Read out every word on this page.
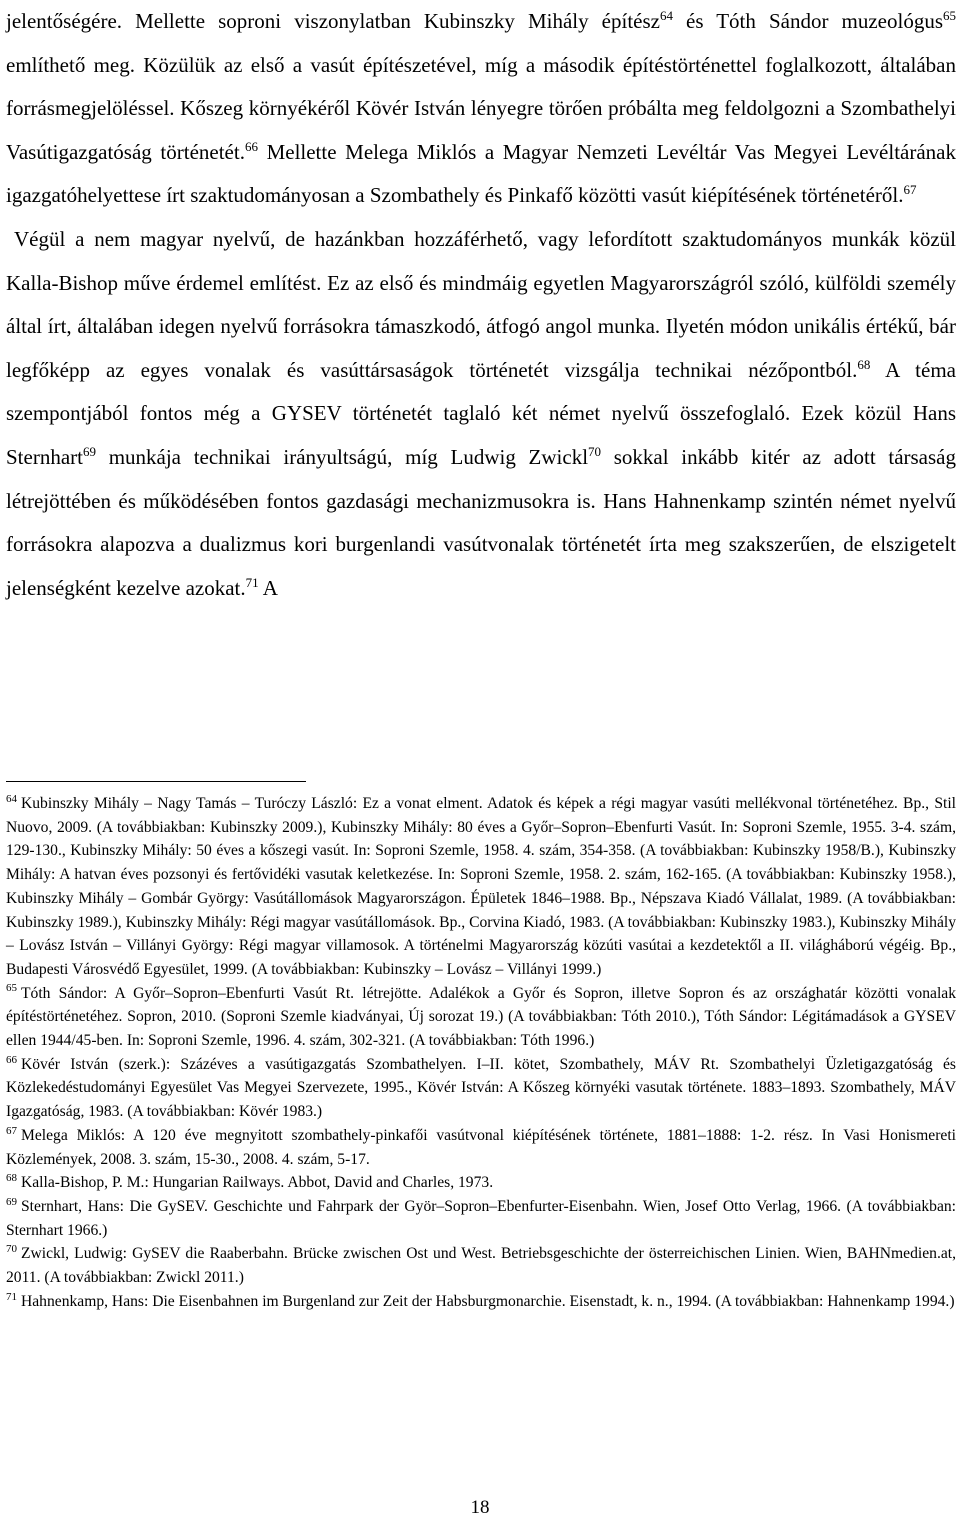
jelentőségére. Mellette soproni viszonylatban Kubinszky Mihály építész$^{64}$ és Tóth Sándor muzeológus$^{65}$ említhető meg. Közülük az első a vasút építészetével, míg a második építéstörténettel foglalkozott, általában forrásmegjelöléssel. Kőszeg környékéről Kövér István lényegre törően próbálta meg feldolgozni a Szombathelyi Vasútigazgatóság történetét.$^{66}$ Mellette Melega Miklós a Magyar Nemzeti Levéltár Vas Megyei Levéltárának igazgatóhelyettese írt szaktudományosan a Szombathely és Pinkafő közötti vasút kiépítésének történetéről.$^{67}$

Végül a nem magyar nyelvű, de hazánkban hozzáférhető, vagy lefordított szaktudományos munkák közül Kalla-Bishop műve érdemel említést. Ez az első és mindmáig egyetlen Magyarországról szóló, külföldi személy által írt, általában idegen nyelvű forrásokra támaszkodó, átfogó angol munka. Ilyetén módon unikális értékű, bár legfőképp az egyes vonalak és vasúttársaságok történetét vizsgálja technikai nézőpontból.$^{68}$ A téma szempontjából fontos még a GYSEV történetét taglaló két német nyelvű összefoglaló. Ezek közül Hans Sternhart$^{69}$ munkája technikai irányultságú, míg Ludwig Zwickl$^{70}$ sokkal inkább kitér az adott társaság létrejöttében és működésében fontos gazdasági mechanizmusokra is. Hans Hahnenkamp szintén német nyelvű forrásokra alapozva a dualizmus kori burgenlandi vasútvonalak történetét írta meg szakszerűen, de elszigetelt jelenségként kezelve azokat.$^{71}$ A

$^{64}$ Kubinszky Mihály – Nagy Tamás – Turóczy László: Ez a vonat elment. Adatok és képek a régi magyar vasúti mellékvonal történetéhez. Bp., Stil Nuovo, 2009. (A továbbiakban: Kubinszky 2009.), Kubinszky Mihály: 80 éves a Győr–Sopron–Ebenfurti Vasút. In: Soproni Szemle, 1955. 3-4. szám, 129-130., Kubinszky Mihály: 50 éves a kőszegi vasút. In: Soproni Szemle, 1958. 4. szám, 354-358. (A továbbiakban: Kubinszky 1958/B.), Kubinszky Mihály: A hatvan éves pozsonyi és fertővidéki vasutak keletkezése. In: Soproni Szemle, 1958. 2. szám, 162-165. (A továbbiakban: Kubinszky 1958.), Kubinszky Mihály – Gombár György: Vasútállomások Magyarországon. Épületek 1846–1988. Bp., Népszava Kiadó Vállalat, 1989. (A továbbiakban: Kubinszky 1989.), Kubinszky Mihály: Régi magyar vasútállomások. Bp., Corvina Kiadó, 1983. (A továbbiakban: Kubinszky 1983.), Kubinszky Mihály – Lovász István – Villányi György: Régi magyar villamosok. A történelmi Magyarország közúti vasútai a kezdetektől a II. világháború végéig. Bp., Budapesti Városvédő Egyesület, 1999. (A továbbiakban: Kubinszky – Lovász – Villányi 1999.)

$^{65}$ Tóth Sándor: A Győr–Sopron–Ebenfurti Vasút Rt. létrejötte. Adalékok a Győr és Sopron, illetve Sopron és az országhatár közötti vonalak építéstörténetéhez. Sopron, 2010. (Soproni Szemle kiadványai, Új sorozat 19.) (A továbbiakban: Tóth 2010.), Tóth Sándor: Légitámadások a GYSEV ellen 1944/45-ben. In: Soproni Szemle, 1996. 4. szám, 302-321. (A továbbiakban: Tóth 1996.)

$^{66}$ Kövér István (szerk.): Százéves a vasútigazgatás Szombathelyen. I–II. kötet, Szombathely, MÁV Rt. Szombathelyi Üzletigazgatóság és Közlekedéstudományi Egyesület Vas Megyei Szervezete, 1995., Kövér István: A Kőszeg környéki vasutak története. 1883–1893. Szombathely, MÁV Igazgatóság, 1983. (A továbbiakban: Kövér 1983.)

$^{67}$ Melega Miklós: A 120 éve megnyitott szombathely-pinkafői vasútvonal kiépítésének története, 1881–1888: 1-2. rész. In Vasi Honismereti Közlemények, 2008. 3. szám, 15-30., 2008. 4. szám, 5-17.

$^{68}$ Kalla-Bishop, P. M.: Hungarian Railways. Abbot, David and Charles, 1973.

$^{69}$ Sternhart, Hans: Die GySEV. Geschichte und Fahrpark der Györ–Sopron–Ebenfurter-Eisenbahn. Wien, Josef Otto Verlag, 1966. (A továbbiakban: Sternhart 1966.)

$^{70}$ Zwickl, Ludwig: GySEV die Raaberbahn. Brücke zwischen Ost und West. Betriebsgeschichte der österreichischen Linien. Wien, BAHNmedien.at, 2011. (A továbbiakban: Zwickl 2011.)

$^{71}$ Hahnenkamp, Hans: Die Eisenbahnen im Burgenland zur Zeit der Habsburgmonarchie. Eisenstadt, k. n., 1994. (A továbbiakban: Hahnenkamp 1994.)

18
